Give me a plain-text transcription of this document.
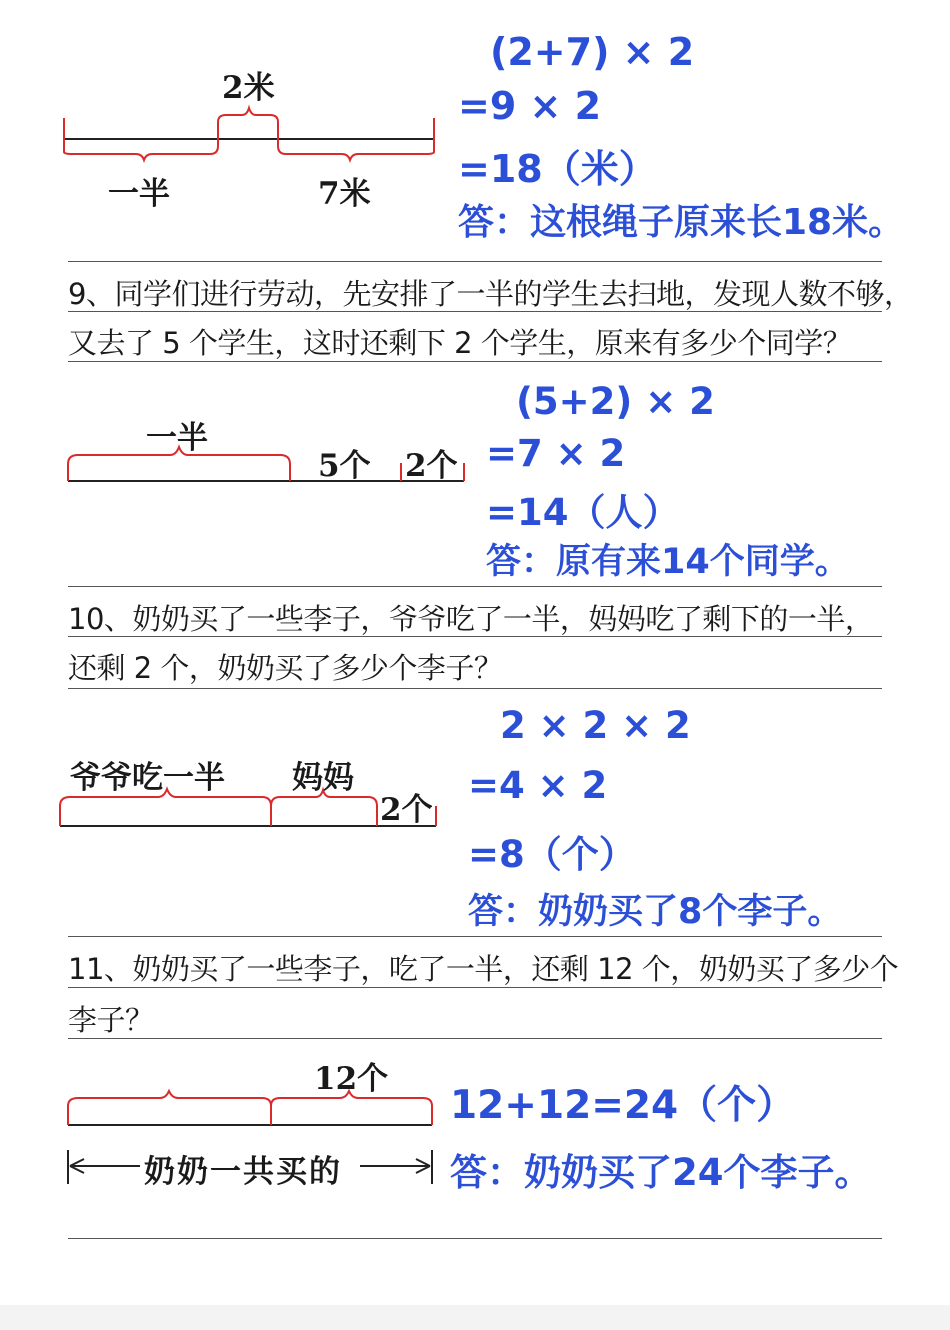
2米
一半	7米
(2+7) × 2
=9 × 2
=18（米）
答：这根绳子原来长18米。
9、同学们进行劳动，先安排了一半的学生去扫地，发现人数不够，
又去了 5 个学生，这时还剩下 2 个学生，原来有多少个同学？
一半
5个 2个
(5+2) × 2
=7 × 2
=14（人）
答：原有来14个同学。
10、奶奶买了一些李子，爷爷吃了一半，妈妈吃了剩下的一半，
还剩 2 个，奶奶买了多少个李子？
爷爷吃一半 妈妈
2个
2 × 2 × 2
=4 × 2
=8（个）
答：奶奶买了8个李子。
11、奶奶买了一些李子，吃了一半，还剩 12 个，奶奶买了多少个
李子？
12个
奶奶一共买的
12+12=24（个）
答：奶奶买了24个李子。
